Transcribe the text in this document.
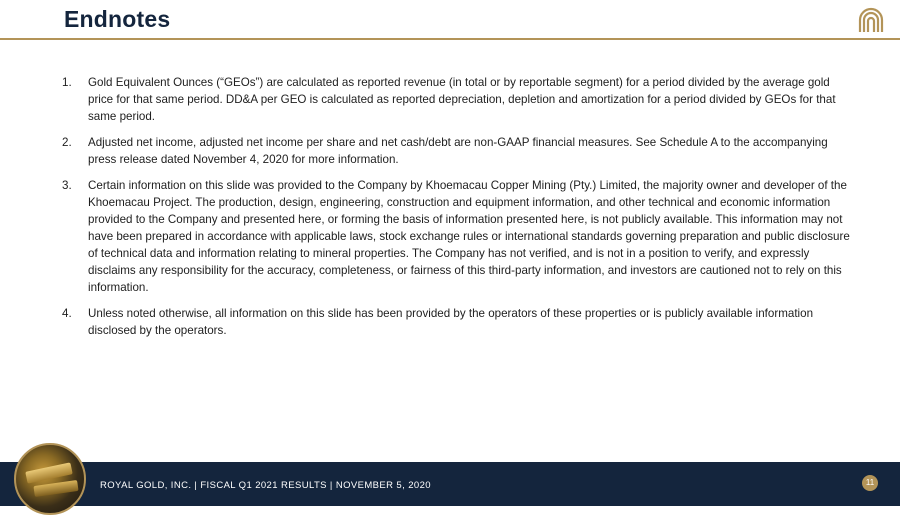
Endnotes
1. Gold Equivalent Ounces (“GEOs”) are calculated as reported revenue (in total or by reportable segment) for a period divided by the average gold price for that same period. DD&A per GEO is calculated as reported depreciation, depletion and amortization for a period divided by GEOs for that same period.
2. Adjusted net income, adjusted net income per share and net cash/debt are non-GAAP financial measures. See Schedule A to the accompanying press release dated November 4, 2020 for more information.
3. Certain information on this slide was provided to the Company by Khoemacau Copper Mining (Pty.) Limited, the majority owner and developer of the Khoemacau Project. The production, design, engineering, construction and equipment information, and other technical and economic information provided to the Company and presented here, or forming the basis of information presented here, is not publicly available. This information may not have been prepared in accordance with applicable laws, stock exchange rules or international standards governing preparation and public disclosure of technical data and information relating to mineral properties. The Company has not verified, and is not in a position to verify, and expressly disclaims any responsibility for the accuracy, completeness, or fairness of this third-party information, and investors are cautioned not to rely on this information.
4. Unless noted otherwise, all information on this slide has been provided by the operators of these properties or is publicly available information disclosed by the operators.
ROYAL GOLD, INC. | FISCAL Q1 2021 RESULTS | NOVEMBER 5, 2020	11
